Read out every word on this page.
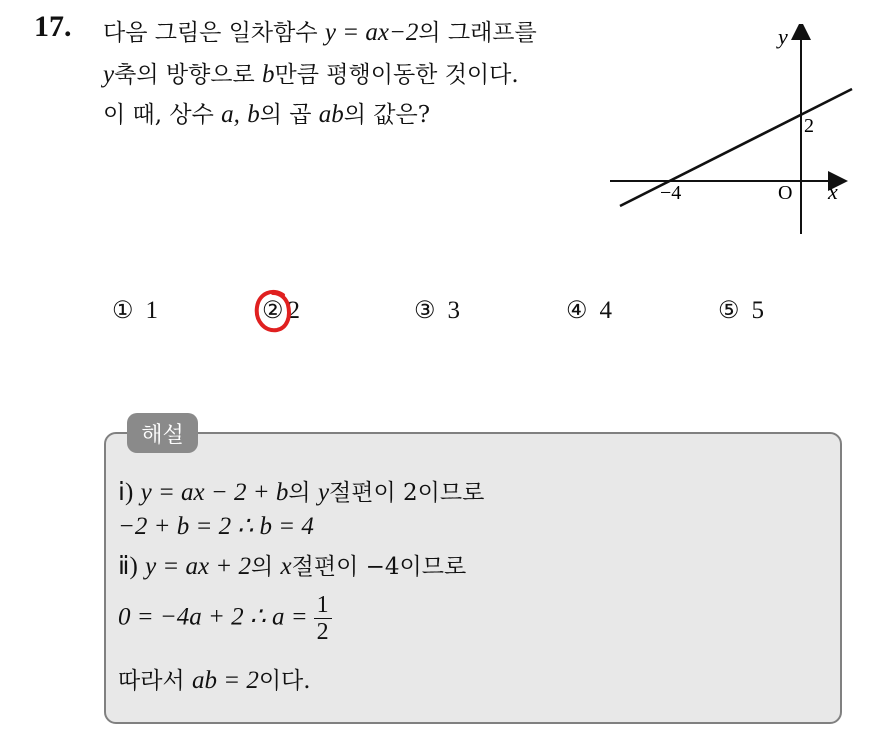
17. 다음 그림은 일차함수 y = ax−2의 그래프를
y축의 방향으로 b만큼 평행이동한 것이다.
이 때, 상수 a, b의 곱 ab의 값은?
y
x
O
−4
2
① 1	② 2	③ 3	④ 4	⑤ 5
해설
ⅰ) y = ax − 2 + b의 y절편이 2이므로
−2 + b = 2 ∴ b = 4
ⅱ) y = ax + 2의 x절편이 −4이므로
0 = −4a + 2 ∴ $a = \frac{1}{2}$
따라서 ab = 2이다.
